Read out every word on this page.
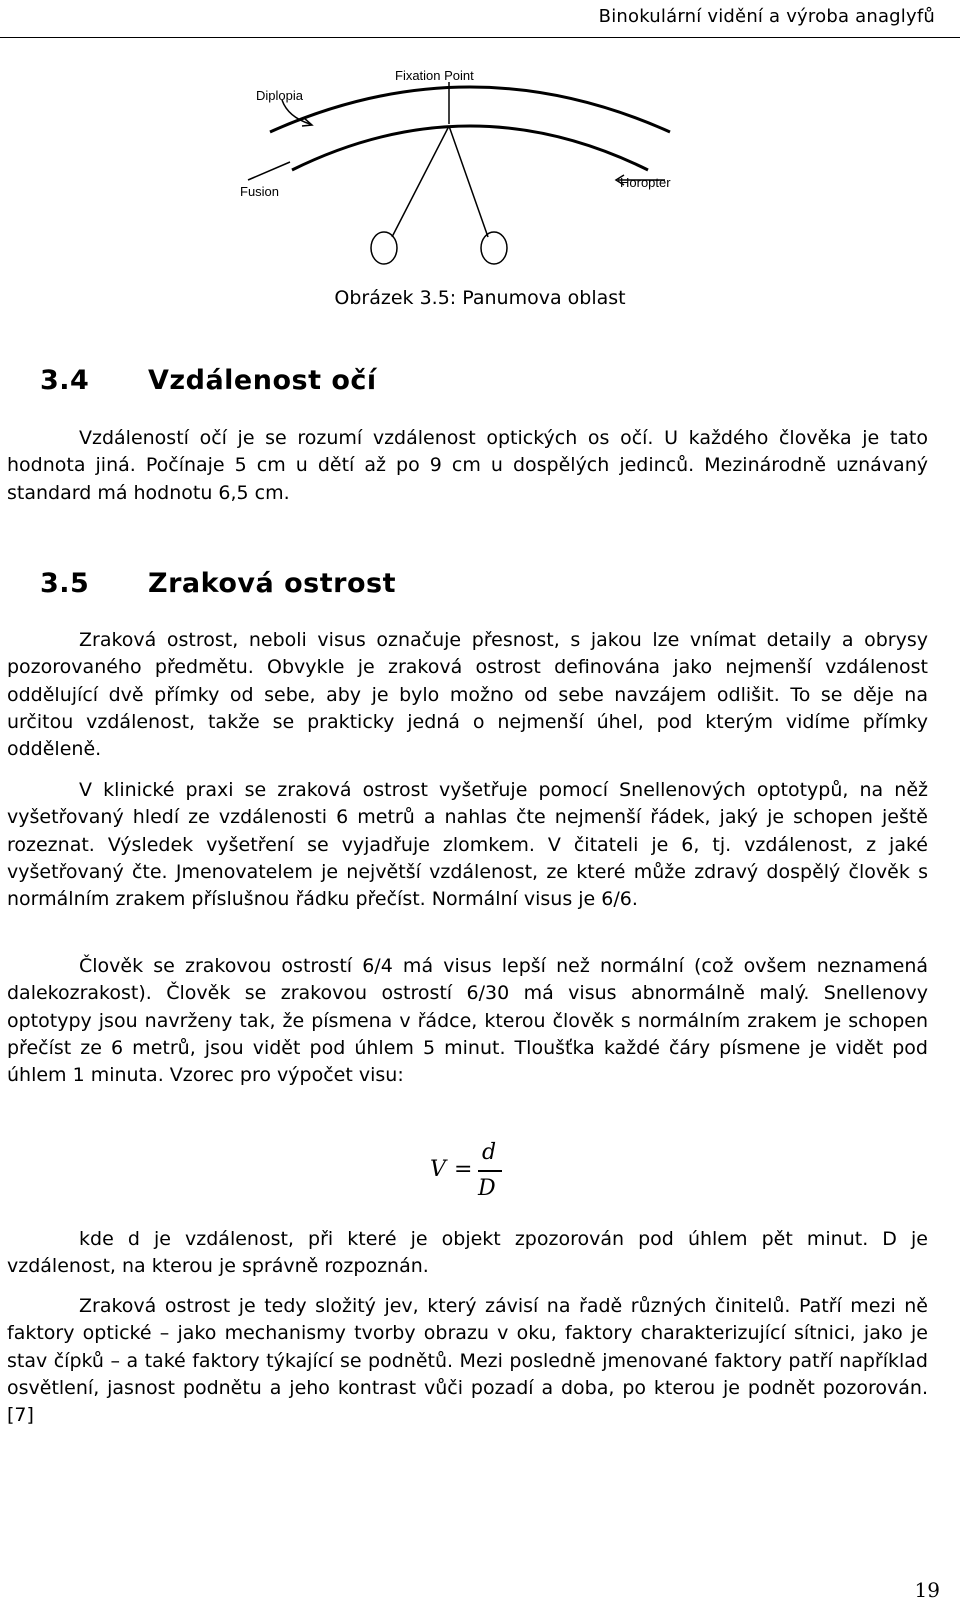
Binokulární vidění a výroba anaglyfů
Fixation Point
Diplopia
Fusion
Horopter
Obrázek 3.5: Panumova oblast
3.4 Vzdálenost očí

Vzdáleností očí je se rozumí vzdálenost optických os očí. U každého člověka je tato hodnota jiná. Počínaje 5 cm u dětí až po 9 cm u dospělých jedinců. Mezinárodně uznávaný standard má hodnotu 6,5 cm.

3.5 Zraková ostrost

Zraková ostrost, neboli visus označuje přesnost, s jakou lze vnímat detaily a obrysy pozorovaného předmětu. Obvykle je zraková ostrost definována jako nejmenší vzdálenost oddělující dvě přímky od sebe, aby je bylo možno od sebe navzájem odlišit. To se děje na určitou vzdálenost, takže se prakticky jedná o nejmenší úhel, pod kterým vidíme přímky odděleně.

V klinické praxi se zraková ostrost vyšetřuje pomocí Snellenových optotypů, na něž vyšetřovaný hledí ze vzdálenosti 6 metrů a nahlas čte nejmenší řádek, jaký je schopen ještě rozeznat. Výsledek vyšetření se vyjadřuje zlomkem. V čitateli je 6, tj. vzdálenost, z jaké vyšetřovaný čte. Jmenovatelem je největší vzdálenost, ze které může zdravý dospělý člověk s normálním zrakem příslušnou řádku přečíst. Normální visus je 6/6.

Člověk se zrakovou ostrostí 6/4 má visus lepší než normální (což ovšem neznamená dalekozrakost). Člověk se zrakovou ostrostí 6/30 má visus abnormálně malý. Snellenovy optotypy jsou navrženy tak, že písmena v řádce, kterou člověk s normálním zrakem je schopen přečíst ze 6 metrů, jsou vidět pod úhlem 5 minut. Tloušťka každé čáry písmene je vidět pod úhlem 1 minuta. Vzorec pro výpočet visu:

V =
d
D

kde d je vzdálenost, při které je objekt zpozorován pod úhlem pět minut. D je vzdálenost, na kterou je správně rozpoznán.

Zraková ostrost je tedy složitý jev, který závisí na řadě různých činitelů. Patří mezi ně faktory optické – jako mechanismy tvorby obrazu v oku, faktory charakterizující sítnici, jako je stav čípků – a také faktory týkající se podnětů. Mezi posledně jmenované faktory patří například osvětlení, jasnost podnětu a jeho kontrast vůči pozadí a doba, po kterou je podnět pozorován. [7]

19
